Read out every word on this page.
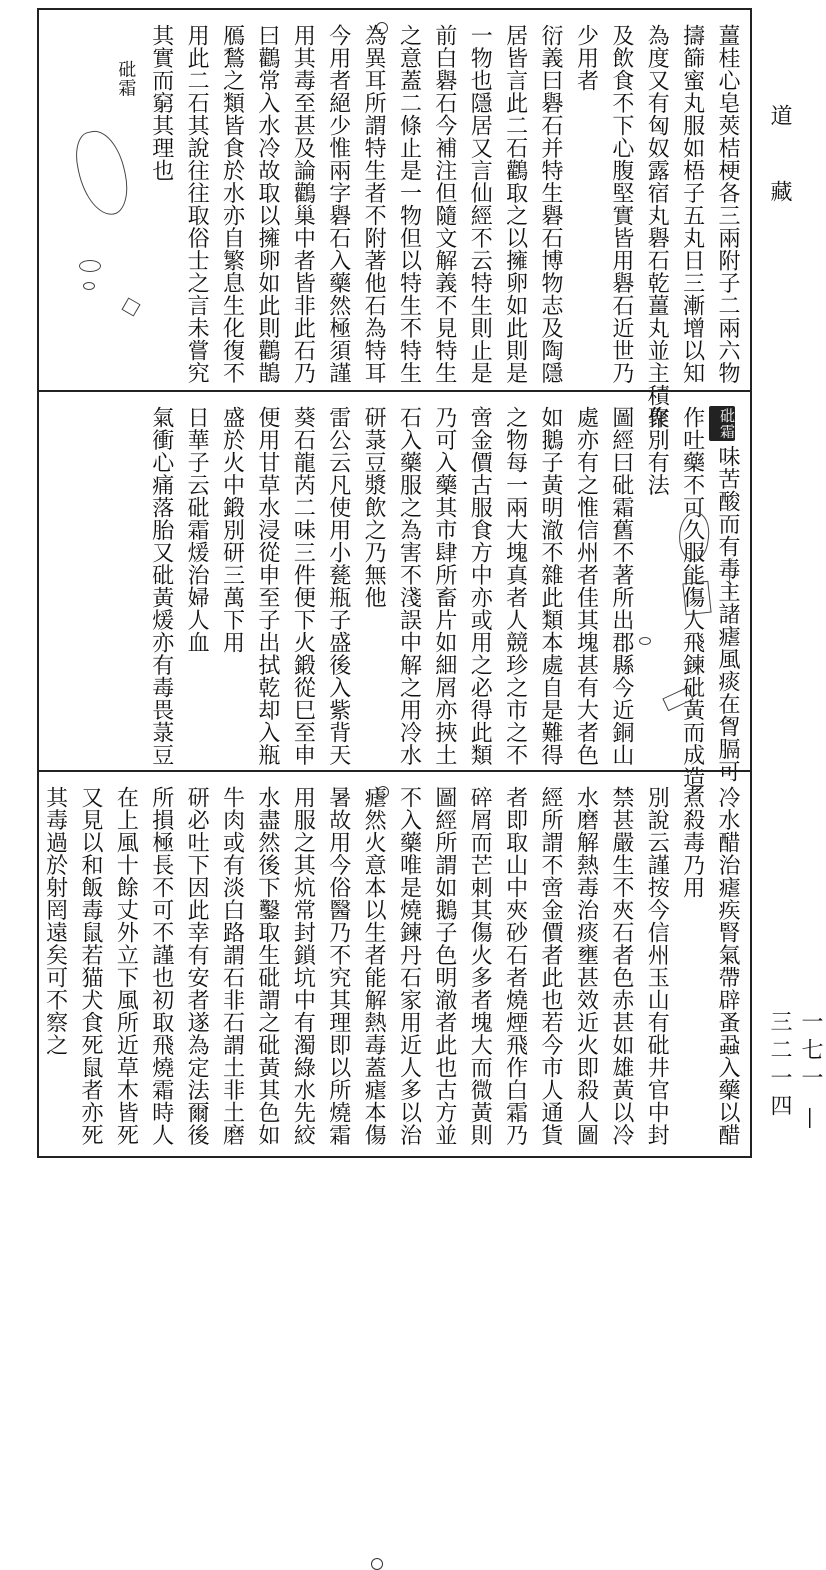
薑桂心皂莢桔梗各三兩附子二兩六物
擣篩蜜丸服如梧子五丸日三漸增以知
為度又有匈奴露宿丸礜石乾薑丸並主積聚
及飲食不下心腹堅實皆用礜石近世乃
少用者
衍義曰礜石并特生礜石博物志及陶隱
居皆言此二石鸛取之以擁卵如此則是
一物也隱居又言仙經不云特生則止是
前白礜石今補注但隨文解義不見特生
之意蓋二條止是一物但以特生不特生
為異耳所謂特生者不附著他石為特耳
今用者絕少惟兩字礜石入藥然極須謹
用其毒至甚及論鸛巢中者皆非此石乃
曰鸛常入水冷故取以擁卵如此則鸛鵲
鴈鶖之類皆食於水亦自繁息生化復不
用此二石其說往往取俗士之言未嘗究
其實而窮其理也
砒霜
砒霜味苦酸而有毒主諸瘧風痰在胷膈可
作吐藥不可久服能傷人飛鍊砒黃而成造
作別有法
圖經曰砒霜舊不著所出郡縣今近銅山
處亦有之惟信州者佳其塊甚有大者色
如鵝子黃明澈不雜此類本處自是難得
之物每一兩大塊真者人競珍之市之不
啻金價古服食方中亦或用之必得此類
乃可入藥其市肆所畜片如細屑亦挾土
石入藥服之為害不淺誤中解之用冷水
研菉豆漿飲之乃無他
雷公云凡使用小甆瓶子盛後入紫背天
葵石龍芮二味三件便下火鍛從巳至申
便用甘草水浸從申至子出拭乾却入瓶
盛於火中鍛別研三萬下用
日華子云砒霜煖治婦人血
氣衝心痛落胎又砒黃煖亦有毒畏菉豆
冷水醋治瘧疾腎氣帶辟蚤蝨入藥以醋
煮殺毒乃用
別說云謹按今信州玉山有砒井官中封
禁甚嚴生不夾石者色赤甚如雄黃以冷
水磨解熱毒治痰壅甚效近火即殺人圖
經所謂不啻金價者此也若今市人通貨
者即取山中夾砂石者燒煙飛作白霜乃
碎屑而芒刺其傷火多者塊大而微黃則
圖經所謂如鵝子色明澈者此也古方並
不入藥唯是燒鍊丹石家用近人多以治
瘧然火意本以生者能解熱毒蓋瘧本傷
暑故用今俗醫乃不究其理即以所燒霜
用服之其炕常封鎖坑中有濁綠水先絞
水盡然後下鑿取生砒謂之砒黃其色如
牛肉或有淡白路謂石非石謂土非土磨
研必吐下因此幸有安者遂為定法爾後
所損極長不可不謹也初取飛燒霜時人
在上風十餘丈外立下風所近草木皆死
又見以和飯毒鼠若猫犬食死鼠者亦死
其毒過於射罔遠矣可不察之
道
藏
一七一 — 三二一四
